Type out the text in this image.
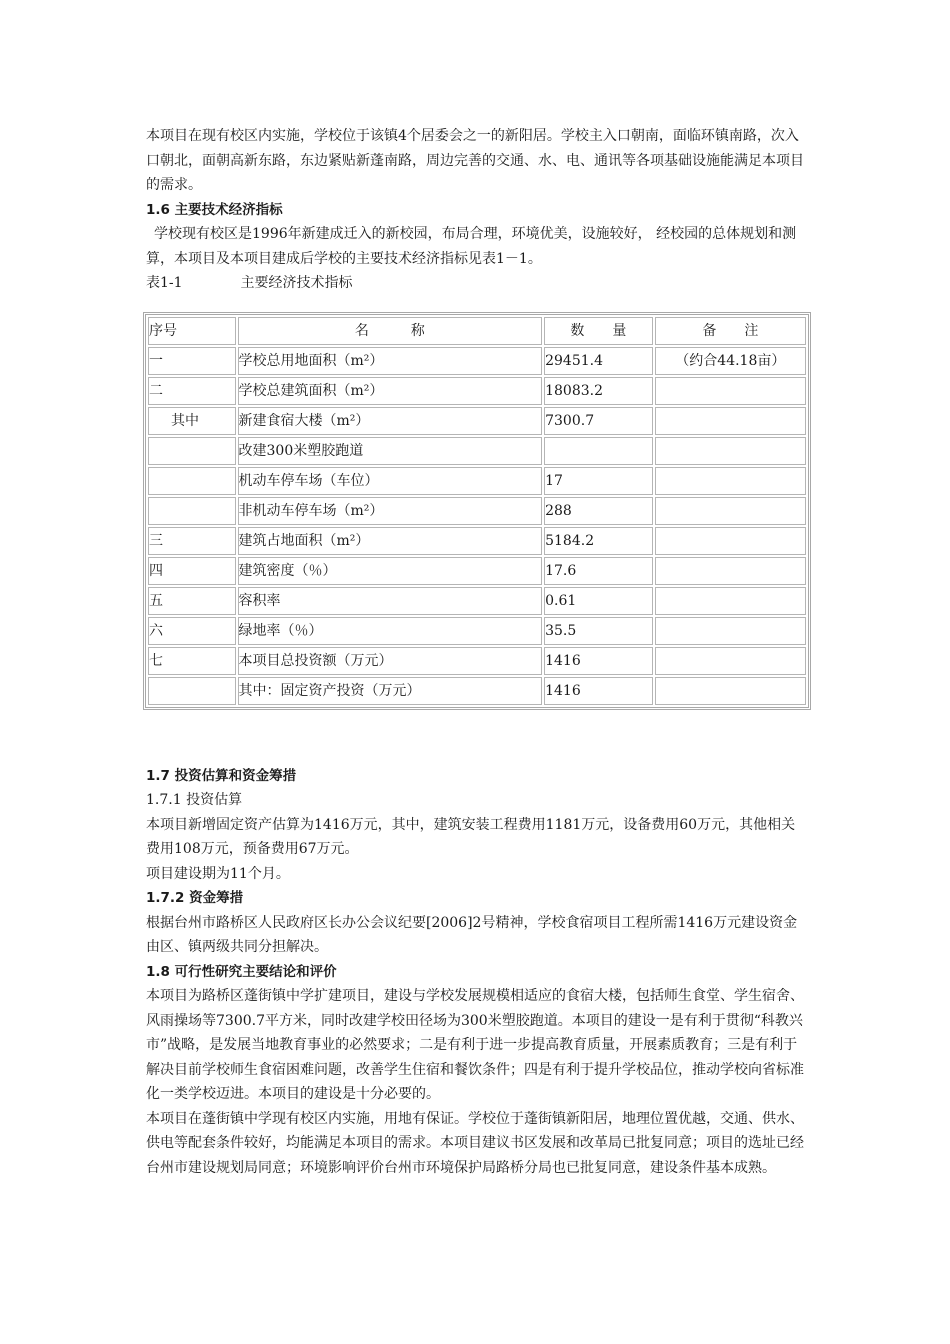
本项目在现有校区内实施，学校位于该镇4个居委会之一的新阳居。学校主入口朝南，面临环镇南路，次入口朝北，面朝高新东路，东边紧贴新蓬南路，周边完善的交通、水、电、通讯等各项基础设施能满足本项目的需求。

1.6 主要技术经济指标

学校现有校区是1996年新建成迁入的新校园，布局合理，环境优美，设施较好， 经校园的总体规划和测算，本项目及本项目建成后学校的主要技术经济指标见表1－1。

表1-1	主要经济技术指标

序号	名　　　称	数　　量	备　　注
一	学校总用地面积（m²）	29451.4	（约合44.18亩）
二	学校总建筑面积（m²）	18083.2	
其中	新建食宿大楼（m²）	7300.7	
	改建300米塑胶跑道		
	机动车停车场（车位）	17	
	非机动车停车场（m²）	288	
三	建筑占地面积（m²）	5184.2	
四	建筑密度（％）	17.6	
五	容积率	0.61	
六	绿地率（％）	35.5	
七	本项目总投资额（万元）	1416	
	其中：固定资产投资（万元）	1416	

1.7 投资估算和资金筹措

1.7.1 投资估算

本项目新增固定资产估算为1416万元，其中，建筑安装工程费用1181万元，设备费用60万元，其他相关费用108万元，预备费用67万元。

项目建设期为11个月。

1.7.2 资金筹措

根据台州市路桥区人民政府区长办公会议纪要[2006]2号精神，学校食宿项目工程所需1416万元建设资金由区、镇两级共同分担解决。

1.8 可行性研究主要结论和评价

本项目为路桥区蓬街镇中学扩建项目，建设与学校发展规模相适应的食宿大楼，包括师生食堂、学生宿舍、风雨操场等7300.7平方米，同时改建学校田径场为300米塑胶跑道。本项目的建设一是有利于贯彻“科教兴市”战略，是发展当地教育事业的必然要求；二是有利于进一步提高教育质量，开展素质教育；三是有利于解决目前学校师生食宿困难问题，改善学生住宿和餐饮条件；四是有利于提升学校品位，推动学校向省标准化一类学校迈进。本项目的建设是十分必要的。

本项目在蓬街镇中学现有校区内实施，用地有保证。学校位于蓬街镇新阳居，地理位置优越，交通、供水、供电等配套条件较好，均能满足本项目的需求。本项目建议书区发展和改革局已批复同意；项目的选址已经台州市建设规划局同意；环境影响评价台州市环境保护局路桥分局也已批复同意，建设条件基本成熟。
